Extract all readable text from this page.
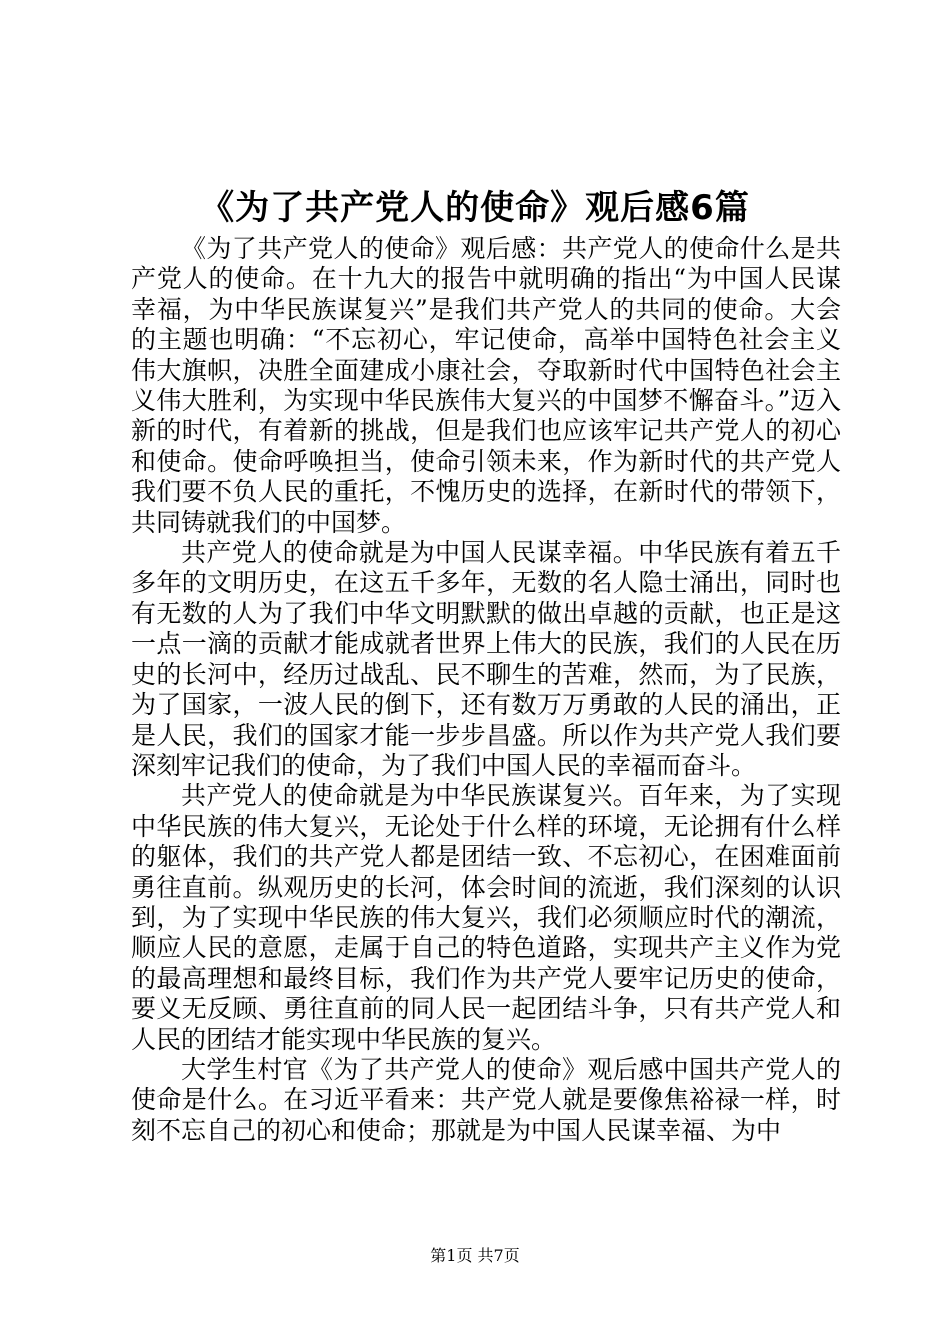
《为了共产党人的使命》观后感6篇

《为了共产党人的使命》观后感：共产党人的使命什么是共产党人的使命。在十九大的报告中就明确的指出“为中国人民谋幸福，为中华民族谋复兴”是我们共产党人的共同的使命。大会的主题也明确：“不忘初心，牢记使命，高举中国特色社会主义伟大旗帜，决胜全面建成小康社会，夺取新时代中国特色社会主义伟大胜利，为实现中华民族伟大复兴的中国梦不懈奋斗。”迈入新的时代，有着新的挑战，但是我们也应该牢记共产党人的初心和使命。使命呼唤担当，使命引领未来，作为新时代的共产党人我们要不负人民的重托，不愧历史的选择，在新时代的带领下，共同铸就我们的中国梦。

共产党人的使命就是为中国人民谋幸福。中华民族有着五千多年的文明历史，在这五千多年，无数的名人隐士涌出，同时也有无数的人为了我们中华文明默默的做出卓越的贡献，也正是这一点一滴的贡献才能成就者世界上伟大的民族，我们的人民在历史的长河中，经历过战乱、民不聊生的苦难，然而，为了民族，为了国家，一波人民的倒下，还有数万万勇敢的人民的涌出，正是人民，我们的国家才能一步步昌盛。所以作为共产党人我们要深刻牢记我们的使命，为了我们中国人民的幸福而奋斗。

共产党人的使命就是为中华民族谋复兴。百年来，为了实现中华民族的伟大复兴，无论处于什么样的环境，无论拥有什么样的躯体，我们的共产党人都是团结一致、不忘初心，在困难面前勇往直前。纵观历史的长河，体会时间的流逝，我们深刻的认识到，为了实现中华民族的伟大复兴，我们必须顺应时代的潮流，顺应人民的意愿，走属于自己的特色道路，实现共产主义作为党的最高理想和最终目标，我们作为共产党人要牢记历史的使命，要义无反顾、勇往直前的同人民一起团结斗争，只有共产党人和人民的团结才能实现中华民族的复兴。

大学生村官《为了共产党人的使命》观后感中国共产党人的使命是什么。在习近平看来：共产党人就是要像焦裕禄一样，时刻不忘自己的初心和使命；那就是为中国人民谋幸福、为中

第1页 共7页
